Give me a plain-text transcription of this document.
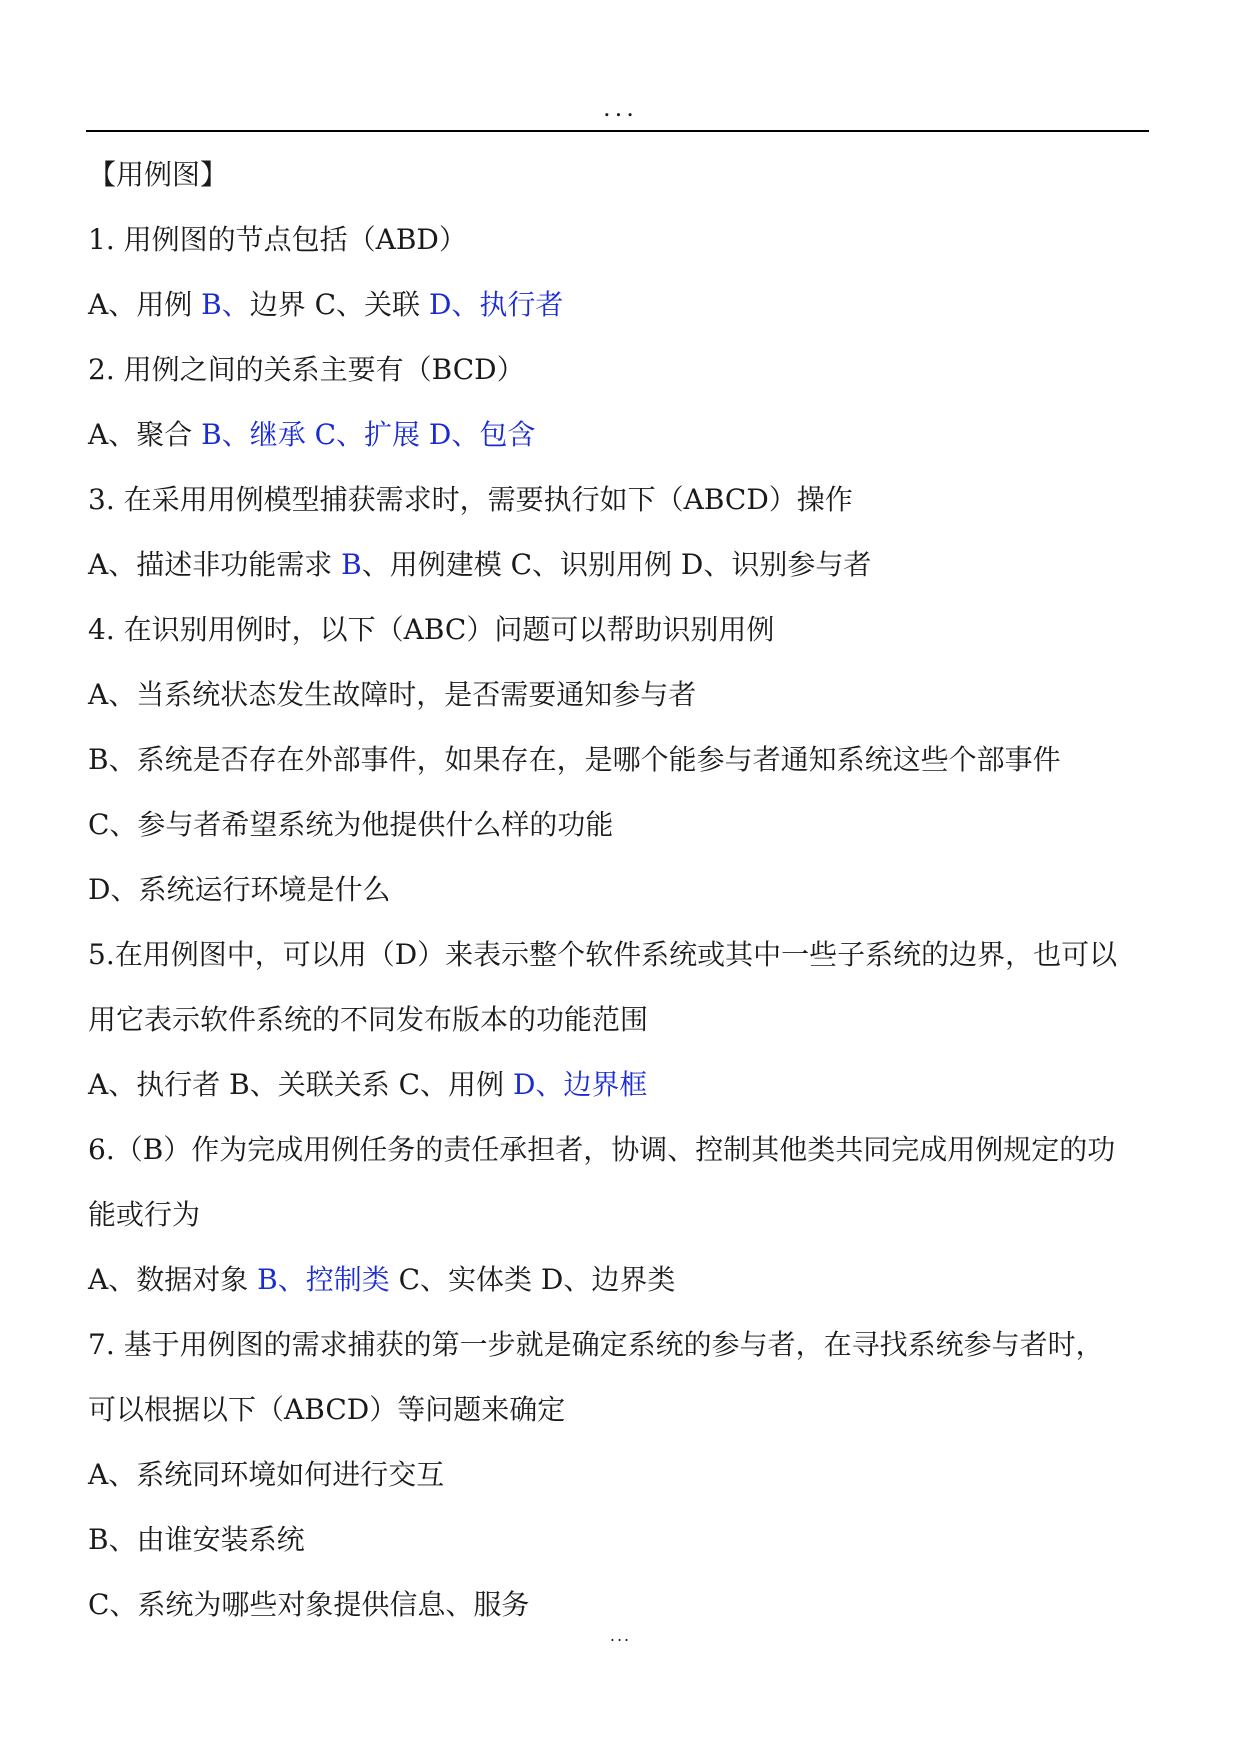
...
【用例图】
1. 用例图的节点包括（ABD）
A、用例 B、边界 C、关联 D、执行者
2. 用例之间的关系主要有（BCD）
A、聚合 B、继承 C、扩展 D、包含
3. 在采用用例模型捕获需求时，需要执行如下（ABCD）操作
A、描述非功能需求 B、用例建模 C、识别用例 D、识别参与者
4. 在识别用例时，以下（ABC）问题可以帮助识别用例
A、当系统状态发生故障时，是否需要通知参与者
B、系统是否存在外部事件，如果存在，是哪个能参与者通知系统这些个部事件
C、参与者希望系统为他提供什么样的功能
D、系统运行环境是什么
5.在用例图中，可以用（D）来表示整个软件系统或其中一些子系统的边界，也可以
用它表示软件系统的不同发布版本的功能范围
A、执行者 B、关联关系 C、用例 D、边界框
6.（B）作为完成用例任务的责任承担者，协调、控制其他类共同完成用例规定的功
能或行为
A、数据对象 B、控制类 C、实体类 D、边界类
7. 基于用例图的需求捕获的第一步就是确定系统的参与者，在寻找系统参与者时，
可以根据以下（ABCD）等问题来确定
A、系统同环境如何进行交互
B、由谁安装系统
C、系统为哪些对象提供信息、服务
...
